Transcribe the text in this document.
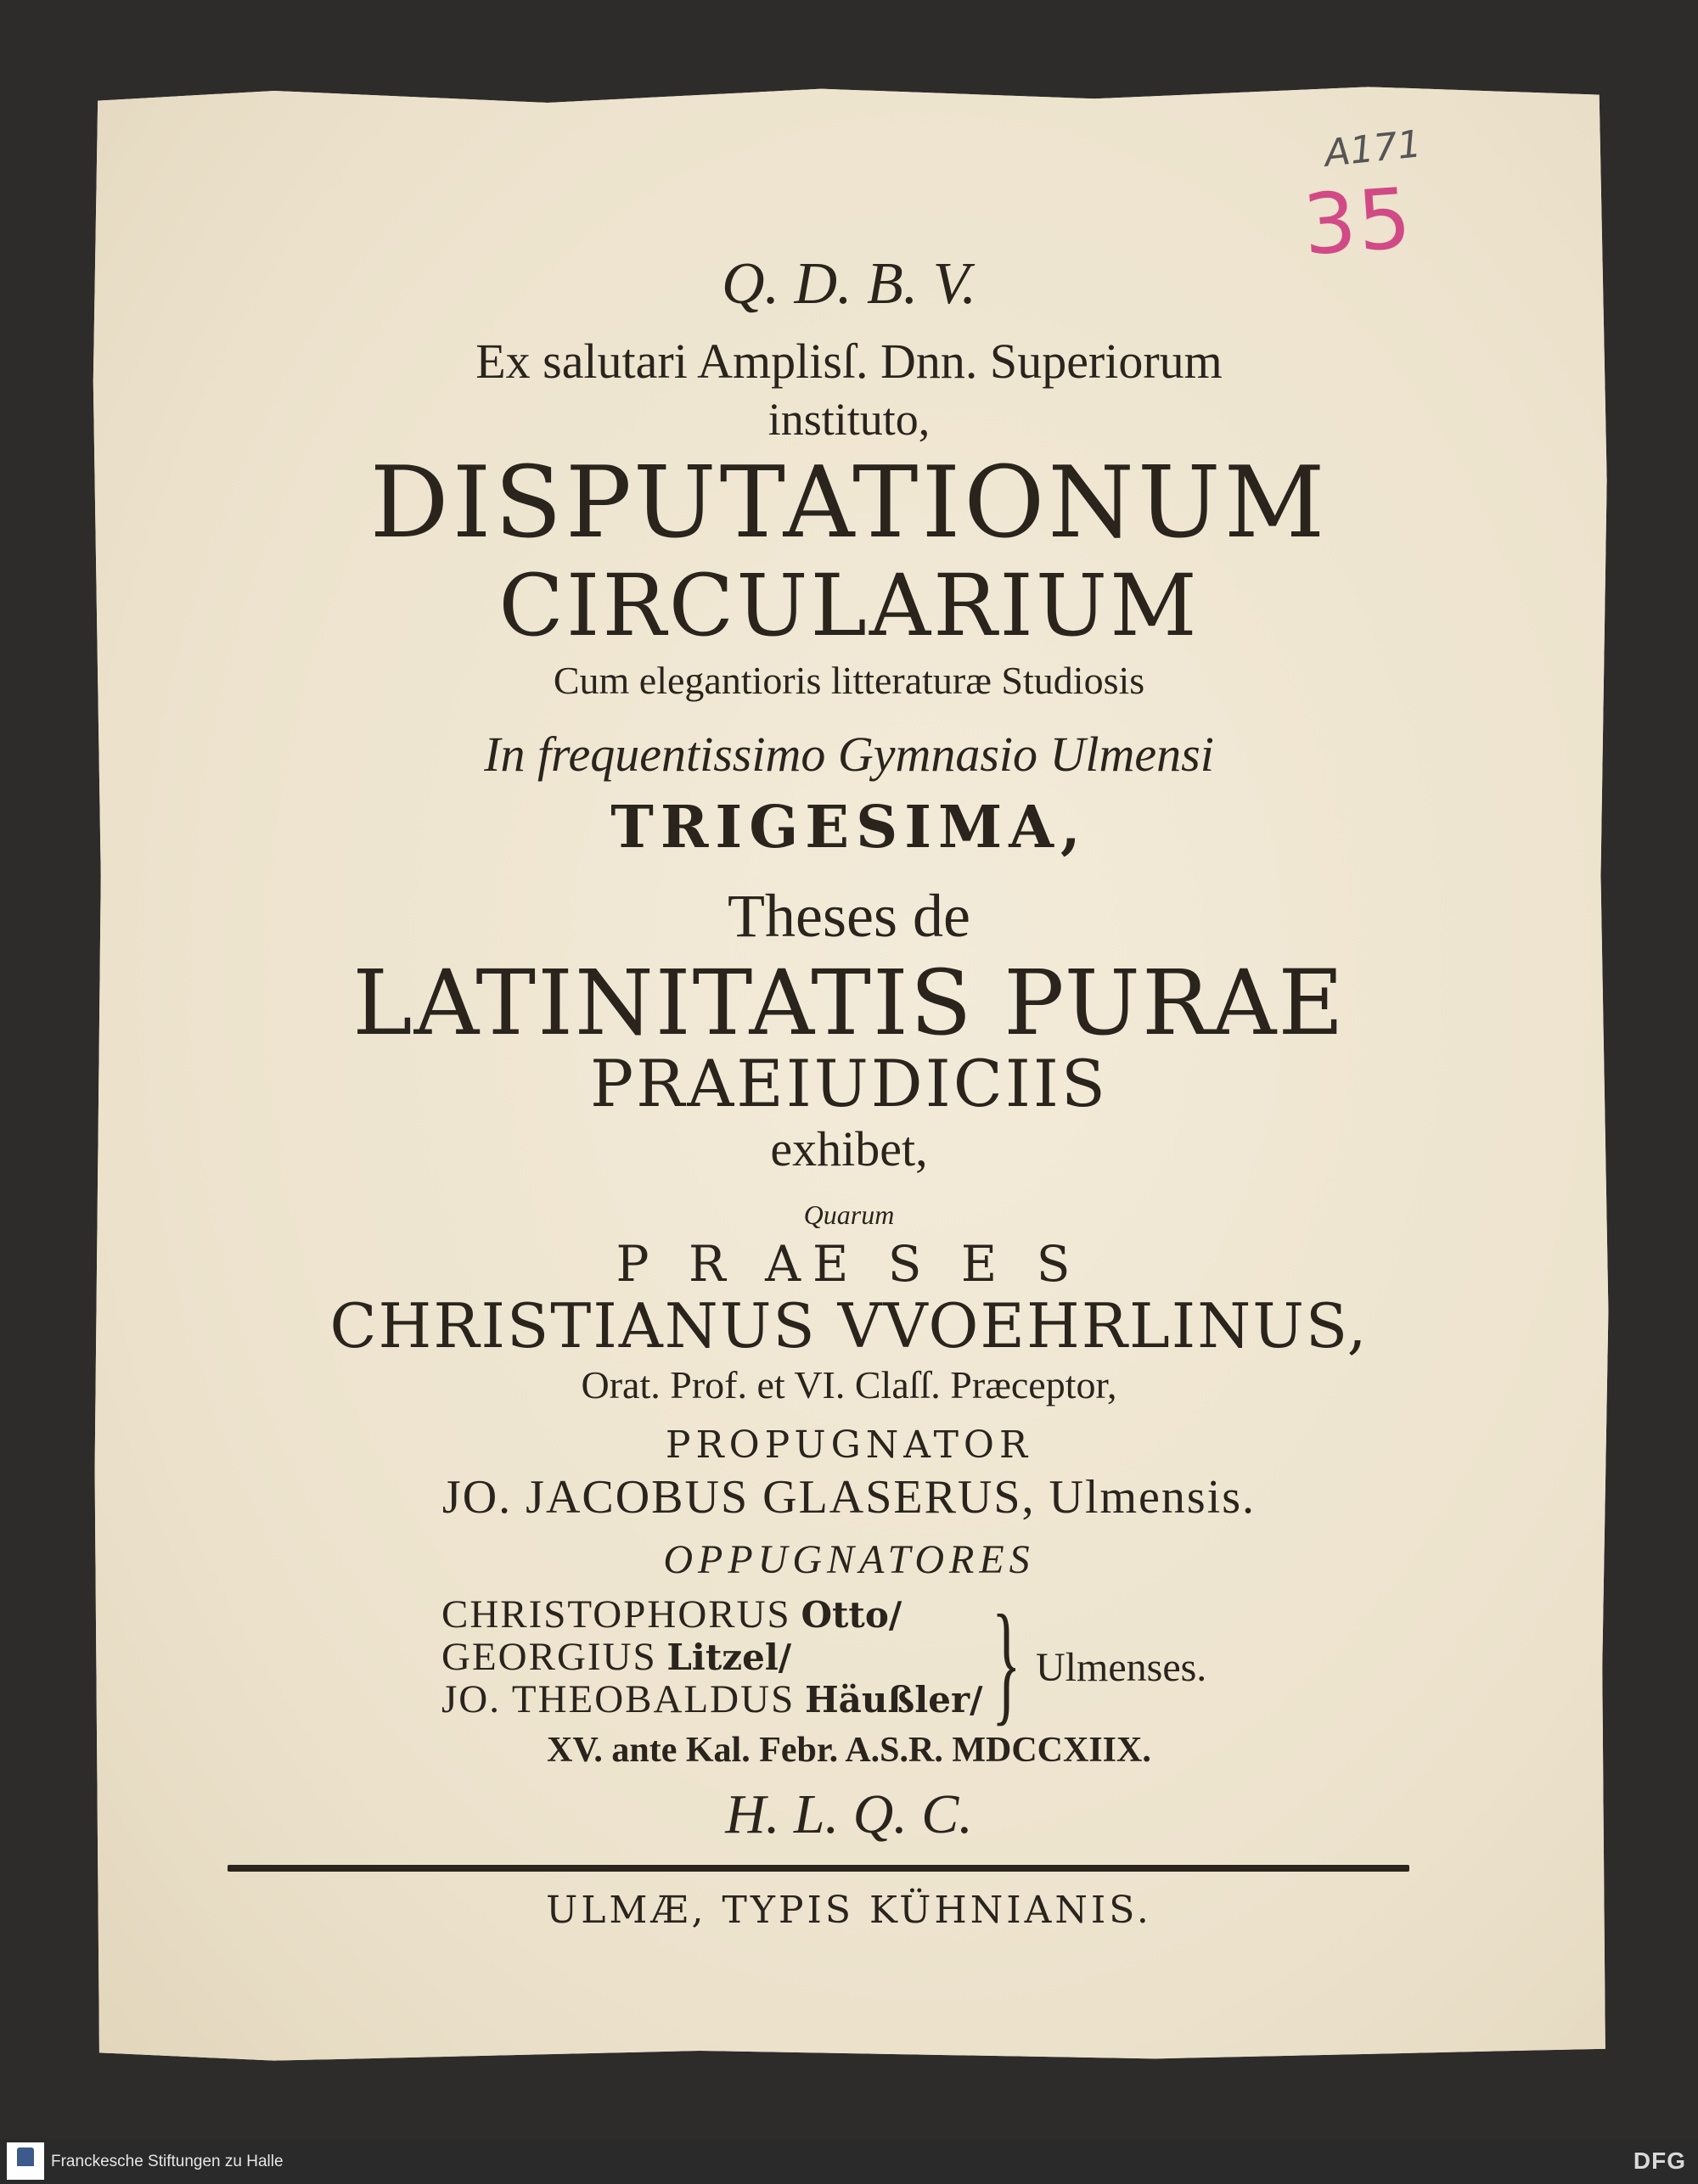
A171
35
Q. D. B. V.
Ex salutari Amplisſ. Dnn. Superiorum
instituto,
DISPUTATIONUM
CIRCULARIUM
Cum elegantioris litteraturæ Studiosis
In frequentissimo Gymnasio Ulmensi
TRIGESIMA,
Theses de
LATINITATIS PURAE
PRAEIUDICIIS
exhibet,
Quarum
P R AE S E S
CHRISTIANUS VVOEHRLINUS,
Orat. Prof. et VI. Claſſ. Præceptor,
PROPUGNATOR
JO. JACOBUS GLASERUS, Ulmensis.
OPPUGNATORES
CHRISTOPHORUS Otto/
GEORGIUS Litzel/
JO. THEOBALDUS Häußler/ } Ulmenses.
XV. ante Kal. Febr. A.S.R. MDCCXIIX.
H. L. Q. C.
ULMÆ, TYPIS KÜHNIANIS.
Franckesche Stiftungen zu Halle	DFG
